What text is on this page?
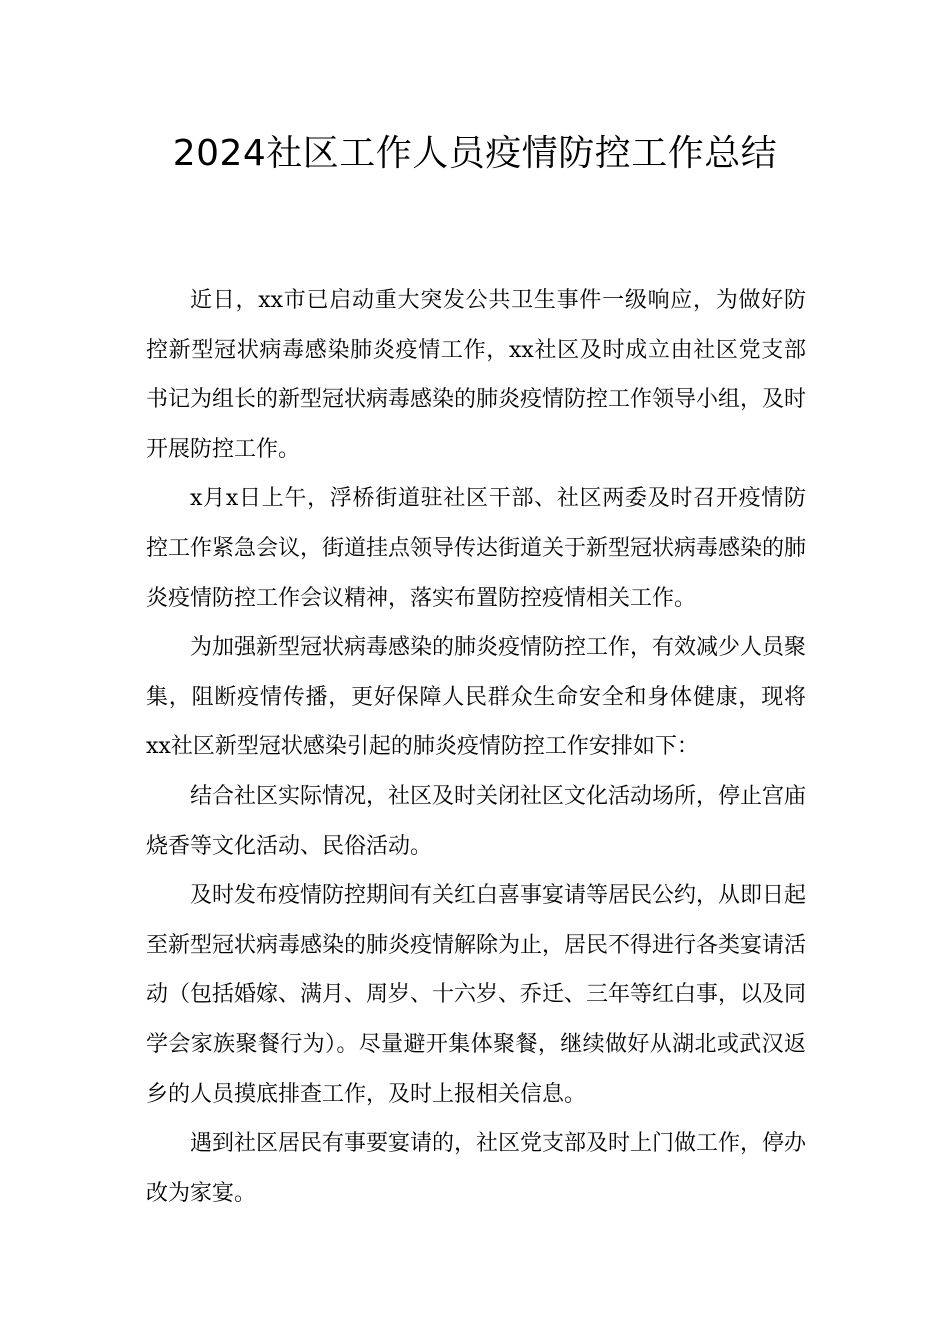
2024社区工作人员疫情防控工作总结

近日，xx市已启动重大突发公共卫生事件一级响应，为做好防控新型冠状病毒感染肺炎疫情工作，xx社区及时成立由社区党支部书记为组长的新型冠状病毒感染的肺炎疫情防控工作领导小组，及时开展防控工作。

x月x日上午，浮桥街道驻社区干部、社区两委及时召开疫情防控工作紧急会议，街道挂点领导传达街道关于新型冠状病毒感染的肺炎疫情防控工作会议精神，落实布置防控疫情相关工作。

为加强新型冠状病毒感染的肺炎疫情防控工作，有效减少人员聚集，阻断疫情传播，更好保障人民群众生命安全和身体健康，现将xx社区新型冠状感染引起的肺炎疫情防控工作安排如下：

结合社区实际情况，社区及时关闭社区文化活动场所，停止宫庙烧香等文化活动、民俗活动。

及时发布疫情防控期间有关红白喜事宴请等居民公约，从即日起至新型冠状病毒感染的肺炎疫情解除为止，居民不得进行各类宴请活动（包括婚嫁、满月、周岁、十六岁、乔迁、三年等红白事，以及同学会家族聚餐行为）。尽量避开集体聚餐，继续做好从湖北或武汉返乡的人员摸底排查工作，及时上报相关信息。

遇到社区居民有事要宴请的，社区党支部及时上门做工作，停办改为家宴。
